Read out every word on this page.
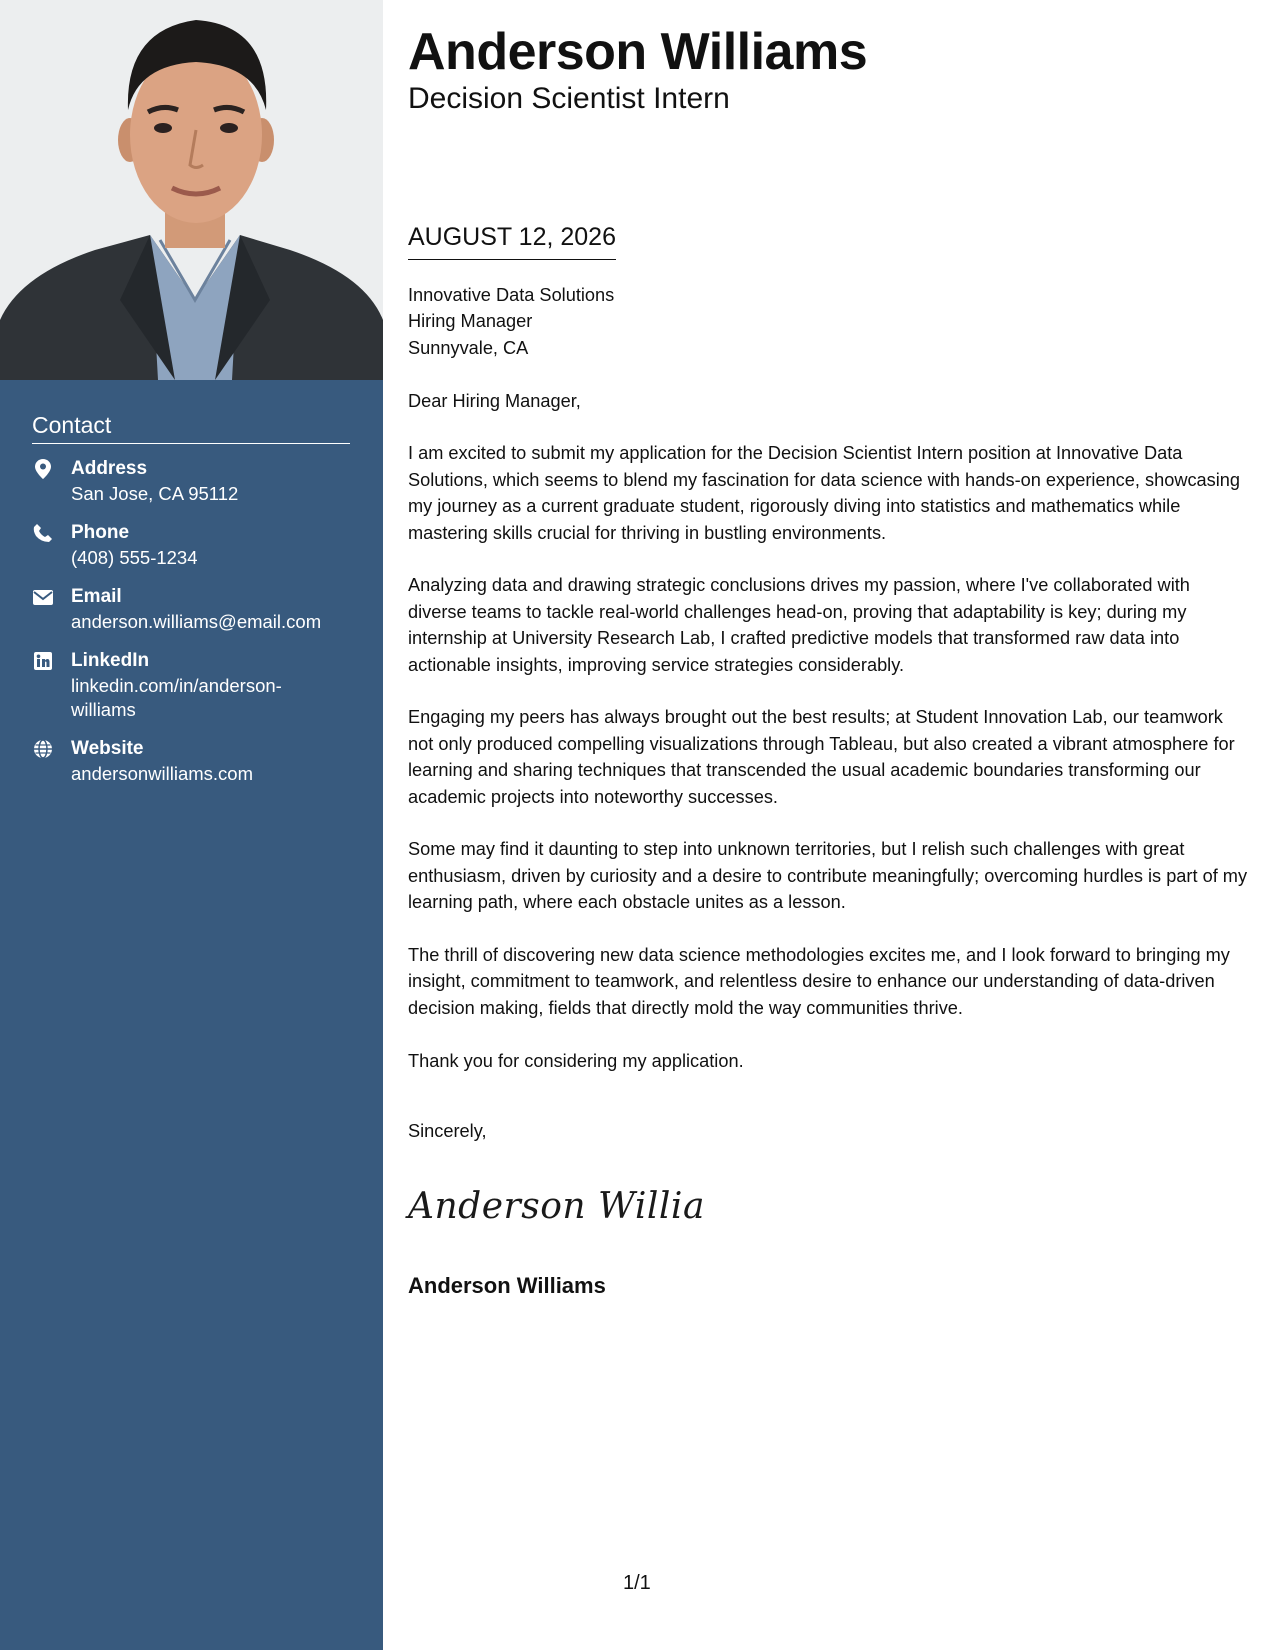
Contact
Address
San Jose, CA 95112
Phone
(408) 555-1234
Email
anderson.williams@email.com
LinkedIn
linkedin.com/in/anderson-
williams
Website
andersonwilliams.com
Anderson Williams
Decision Scientist Intern
AUGUST 12, 2026

Innovative Data Solutions
Hiring Manager
Sunnyvale, CA

Dear Hiring Manager,

I am excited to submit my application for the Decision Scientist Intern position at Innovative Data Solutions, which seems to blend my fascination for data science with hands-on experience, showcasing my journey as a current graduate student, rigorously diving into statistics and mathematics while mastering skills crucial for thriving in bustling environments.

Analyzing data and drawing strategic conclusions drives my passion, where I've collaborated with diverse teams to tackle real-world challenges head-on, proving that adaptability is key; during my internship at University Research Lab, I crafted predictive models that transformed raw data into actionable insights, improving service strategies considerably.

Engaging my peers has always brought out the best results; at Student Innovation Lab, our teamwork not only produced compelling visualizations through Tableau, but also created a vibrant atmosphere for learning and sharing techniques that transcended the usual academic boundaries transforming our academic projects into noteworthy successes.

Some may find it daunting to step into unknown territories, but I relish such challenges with great enthusiasm, driven by curiosity and a desire to contribute meaningfully; overcoming hurdles is part of my learning path, where each obstacle unites as a lesson.

The thrill of discovering new data science methodologies excites me, and I look forward to bringing my insight, commitment to teamwork, and relentless desire to enhance our understanding of data-driven decision making, fields that directly mold the way communities thrive.

Thank you for considering my application.

Sincerely,

Anderson Willia
Anderson Williams
1/1
